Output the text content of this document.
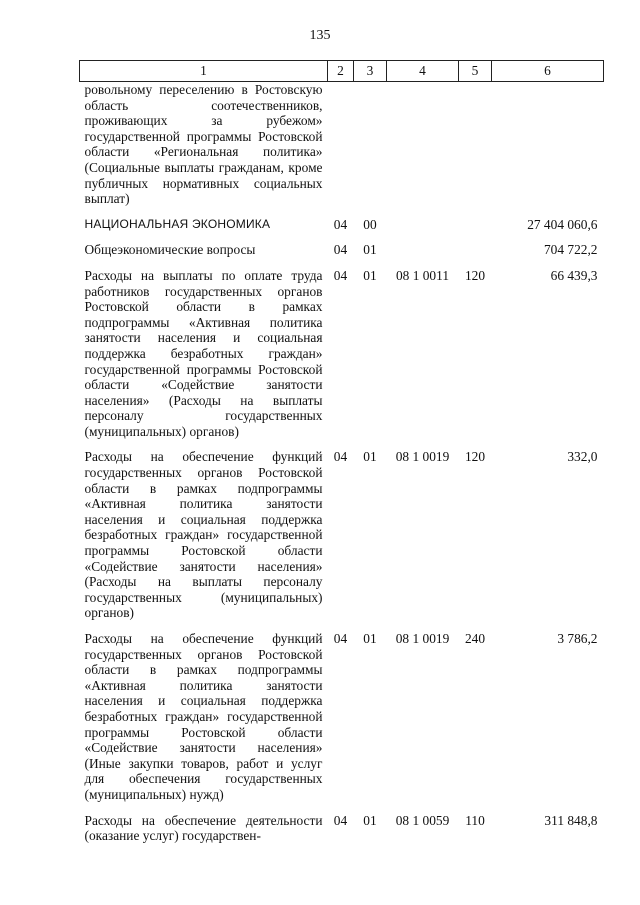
135
1	2	3	4	5	6
ровольному переселению в Ростовскую область соотечественников, проживающих за рубежом» государственной программы Ростовской области «Региональная политика» (Социальные выплаты гражданам, кроме публичных нормативных социальных выплат)					
НАЦИОНАЛЬНАЯ ЭКОНОМИКА	04	00			27 404 060,6
Общеэкономические вопросы	04	01			704 722,2
Расходы на выплаты по оплате труда работников государственных органов Ростовской области в рамках подпрограммы «Активная политика занятости населения и социальная поддержка безработных граждан» государственной программы Ростовской области «Содействие занятости населения» (Расходы на выплаты персоналу государственных (муниципальных) органов)	04	01	08 1 0011	120	66 439,3
Расходы на обеспечение функций государственных органов Ростовской области в рамках подпрограммы «Активная политика занятости населения и социальная поддержка безработных граждан» государственной программы Ростовской области «Содействие занятости населения» (Расходы на выплаты персоналу государственных (муниципальных) органов)	04	01	08 1 0019	120	332,0
Расходы на обеспечение функций государственных органов Ростовской области в рамках подпрограммы «Активная политика занятости населения и социальная поддержка безработных граждан» государственной программы Ростовской области «Содействие занятости населения» (Иные закупки товаров, работ и услуг для обеспечения государственных (муниципальных) нужд)	04	01	08 1 0019	240	3 786,2
Расходы на обеспечение деятельности (оказание услуг) государствен-	04	01	08 1 0059	110	311 848,8
